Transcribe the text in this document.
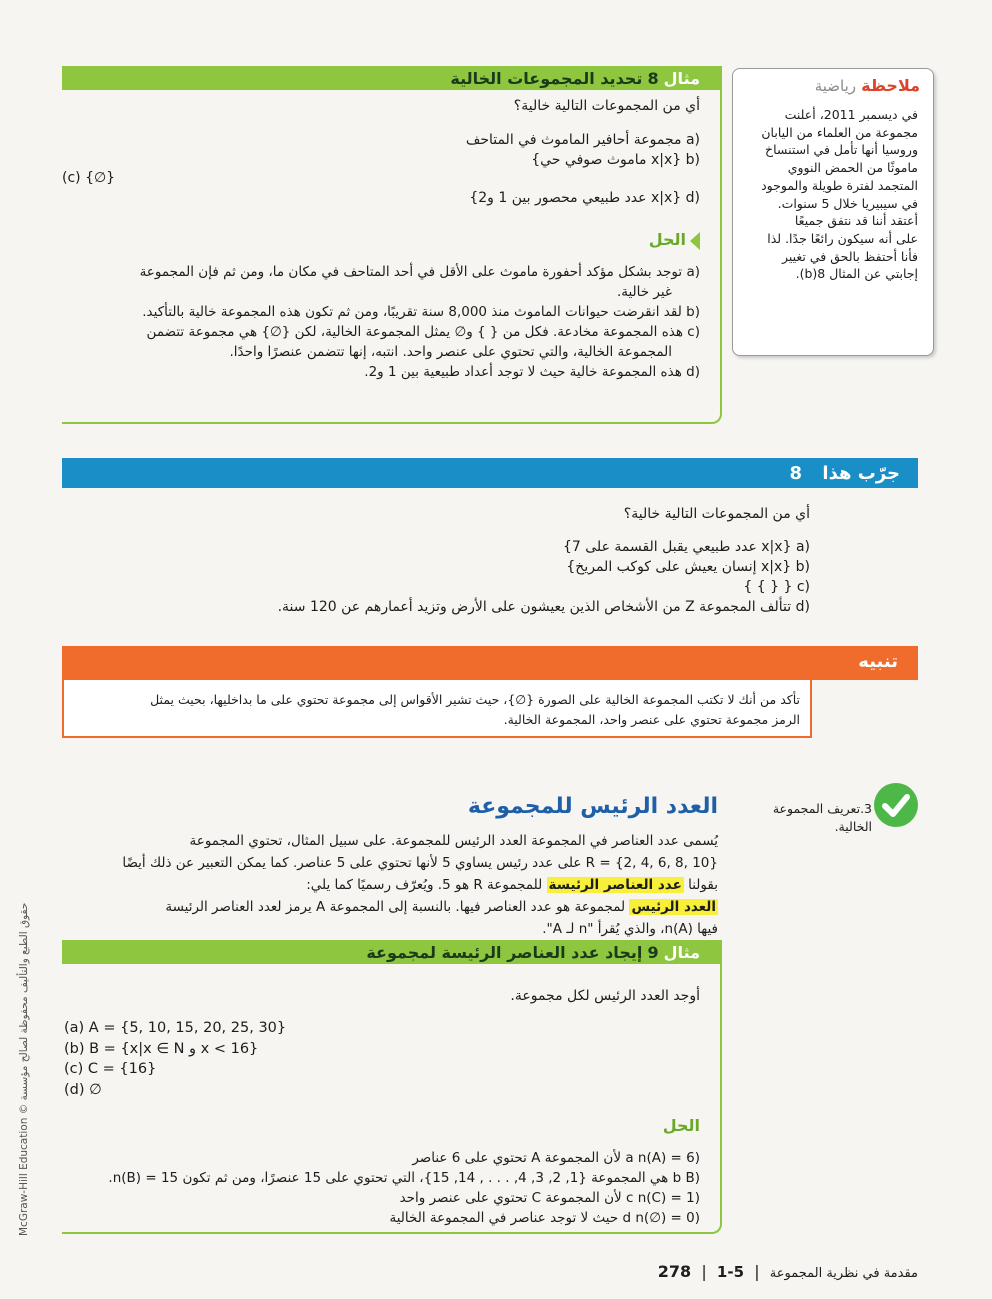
مثال 8 تحديد المجموعات الخالية
أي من المجموعات التالية خالية؟
(a مجموعة أحافير الماموث في المتاحف
(b {x|x ماموث صوفي حي}
(c) {∅}
(d {x|x عدد طبيعي محصور بين 1 و2}
الحل
(a توجد بشكل مؤكد أحفورة ماموث على الأقل في أحد المتاحف في مكان ما، ومن ثم فإن المجموعة
غير خالية.
(b لقد انقرضت حيوانات الماموث منذ 8,000 سنة تقريبًا، ومن ثم تكون هذه المجموعة خالية بالتأكيد.
(c هذه المجموعة مخادعة. فكل من { } و∅ يمثل المجموعة الخالية، لكن {∅} هي مجموعة تتضمن
المجموعة الخالية، والتي تحتوي على عنصر واحد. انتبه، إنها تتضمن عنصرًا واحدًا.
(d هذه المجموعة خالية حيث لا توجد أعداد طبيعية بين 1 و2.
ملاحظة رياضية
في ديسمبر 2011، أعلنت
مجموعة من العلماء من اليابان
وروسيا أنها تأمل في استنساخ
ماموثًا من الحمض النووي
المتجمد لفترة طويلة والموجود
في سيبيريا خلال 5 سنوات.
أعتقد أننا قد نتفق جميعًا
على أنه سيكون رائعًا جدًا. لذا
فأنا أحتفظ بالحق في تغيير
إجابتي عن المثال 8(b).
جرّب هذا    8
أي من المجموعات التالية خالية؟
(a {x|x عدد طبيعي يقبل القسمة على 7}
(b {x|x إنسان يعيش على كوكب المريخ}
(c { { } }
(d تتألف المجموعة Z من الأشخاص الذين يعيشون على الأرض وتزيد أعمارهم عن 120 سنة.
تنبيه
تأكد من أنك لا تكتب المجموعة الخالية على الصورة {∅}، حيث تشير الأقواس إلى مجموعة تحتوي على ما بداخليها، بحيث يمثل
الرمز مجموعة تحتوي على عنصر واحد، المجموعة الخالية.
3.تعريف المجموعة
الخالية.
العدد الرئيس للمجموعة
يُسمى عدد العناصر في المجموعة العدد الرئيس للمجموعة. على سبيل المثال، تحتوي المجموعة
R = {2, 4, 6, 8, 10} على عدد رئيس يساوي 5 لأنها تحتوي على 5 عناصر. كما يمكن التعبير عن ذلك أيضًا
بقولنا عدد العناصر الرئيسة للمجموعة R هو 5. ويُعرّف رسميًا كما يلي:
العدد الرئيس لمجموعة هو عدد العناصر فيها. بالنسبة إلى المجموعة A يرمز لعدد العناصر الرئيسة
فيها n(A)، والذي يُقرأ "n لـ A".
مثال 9 إيجاد عدد العناصر الرئيسة لمجموعة
أوجد العدد الرئيس لكل مجموعة.
(a) A = {5, 10, 15, 20, 25, 30}
(b) B = {x|x ∈ N و x < 16}
(c) C = {16}
(d) ∅
الحل
(a n(A) = 6 لأن المجموعة A تحتوي على 6 عناصر
(b B هي المجموعة {1, 2, 3, 4, . . . , 14, 15}، التي تحتوي على 15 عنصرًا، ومن ثم تكون n(B) = 15.
(c n(C) = 1 لأن المجموعة C تحتوي على عنصر واحد
(d n(∅) = 0 حيث لا توجد عناصر في المجموعة الخالية
McGraw-Hill Education © حقوق الطبع والتأليف محفوظة لصالح مؤسسة
مقدمة في نظرية المجموعة  |  5-1  |  278
